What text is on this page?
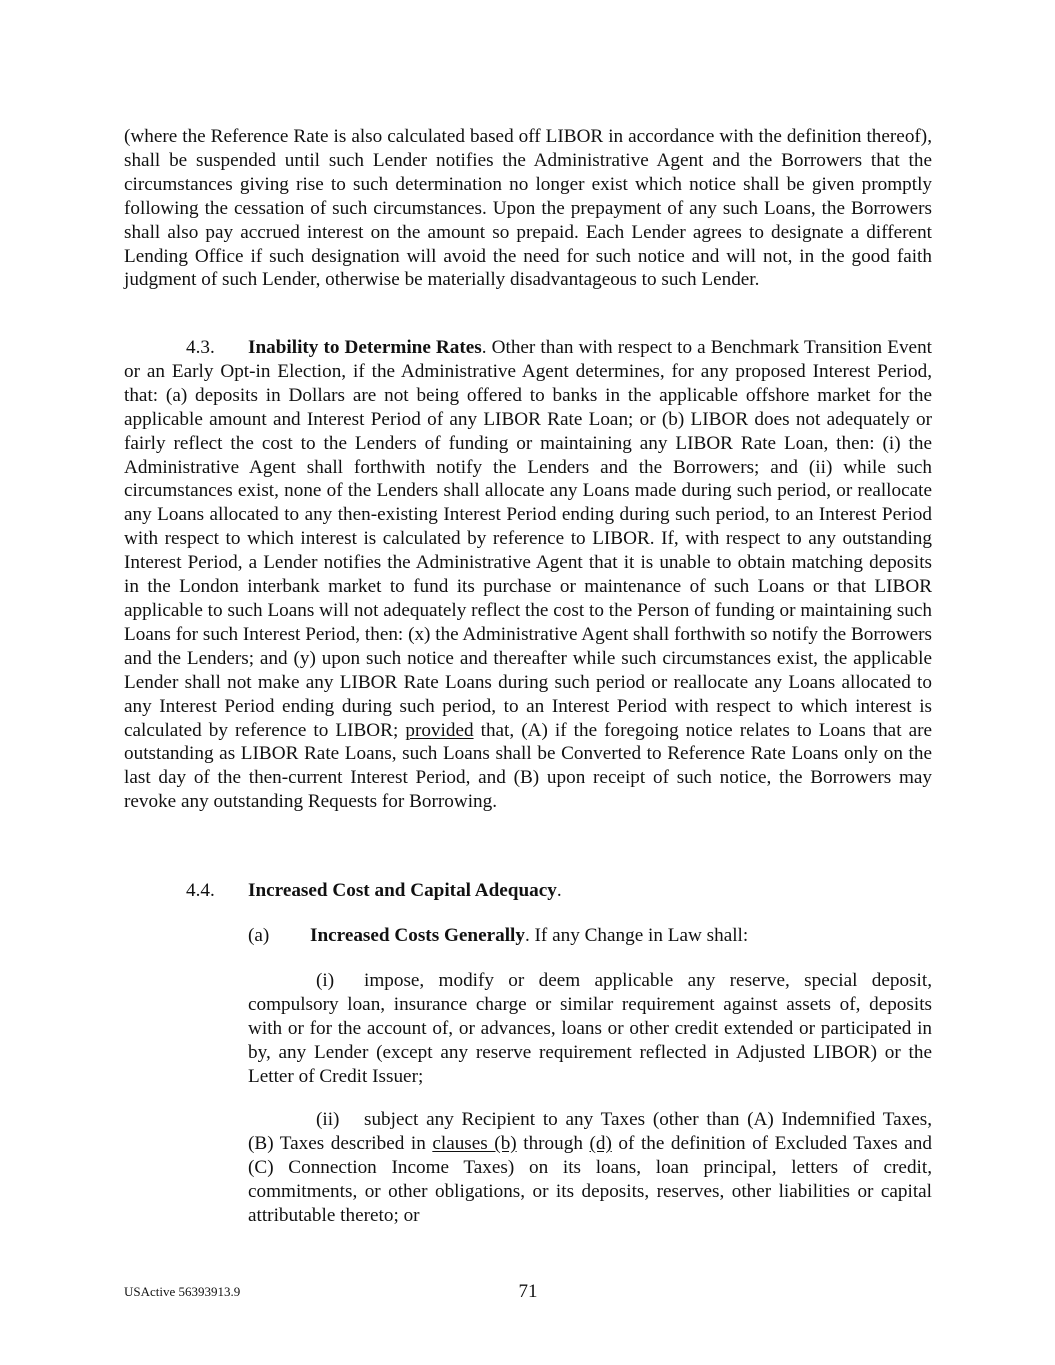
(where the Reference Rate is also calculated based off LIBOR in accordance with the definition thereof), shall be suspended until such Lender notifies the Administrative Agent and the Borrowers that the circumstances giving rise to such determination no longer exist which notice shall be given promptly following the cessation of such circumstances. Upon the prepayment of any such Loans, the Borrowers shall also pay accrued interest on the amount so prepaid. Each Lender agrees to designate a different Lending Office if such designation will avoid the need for such notice and will not, in the good faith judgment of such Lender, otherwise be materially disadvantageous to such Lender.

4.3. Inability to Determine Rates. Other than with respect to a Benchmark Transition Event or an Early Opt-in Election, if the Administrative Agent determines, for any proposed Interest Period, that: (a) deposits in Dollars are not being offered to banks in the applicable offshore market for the applicable amount and Interest Period of any LIBOR Rate Loan; or (b) LIBOR does not adequately or fairly reflect the cost to the Lenders of funding or maintaining any LIBOR Rate Loan, then: (i) the Administrative Agent shall forthwith notify the Lenders and the Borrowers; and (ii) while such circumstances exist, none of the Lenders shall allocate any Loans made during such period, or reallocate any Loans allocated to any then-existing Interest Period ending during such period, to an Interest Period with respect to which interest is calculated by reference to LIBOR. If, with respect to any outstanding Interest Period, a Lender notifies the Administrative Agent that it is unable to obtain matching deposits in the London interbank market to fund its purchase or maintenance of such Loans or that LIBOR applicable to such Loans will not adequately reflect the cost to the Person of funding or maintaining such Loans for such Interest Period, then: (x) the Administrative Agent shall forthwith so notify the Borrowers and the Lenders; and (y) upon such notice and thereafter while such circumstances exist, the applicable Lender shall not make any LIBOR Rate Loans during such period or reallocate any Loans allocated to any Interest Period ending during such period, to an Interest Period with respect to which interest is calculated by reference to LIBOR; provided that, (A) if the foregoing notice relates to Loans that are outstanding as LIBOR Rate Loans, such Loans shall be Converted to Reference Rate Loans only on the last day of the then-current Interest Period, and (B) upon receipt of such notice, the Borrowers may revoke any outstanding Requests for Borrowing.

4.4. Increased Cost and Capital Adequacy.

(a) Increased Costs Generally. If any Change in Law shall:

(i) impose, modify or deem applicable any reserve, special deposit, compulsory loan, insurance charge or similar requirement against assets of, deposits with or for the account of, or advances, loans or other credit extended or participated in by, any Lender (except any reserve requirement reflected in Adjusted LIBOR) or the Letter of Credit Issuer;

(ii) subject any Recipient to any Taxes (other than (A) Indemnified Taxes, (B) Taxes described in clauses (b) through (d) of the definition of Excluded Taxes and (C) Connection Income Taxes) on its loans, loan principal, letters of credit, commitments, or other obligations, or its deposits, reserves, other liabilities or capital attributable thereto; or

USActive 56393913.9	71
